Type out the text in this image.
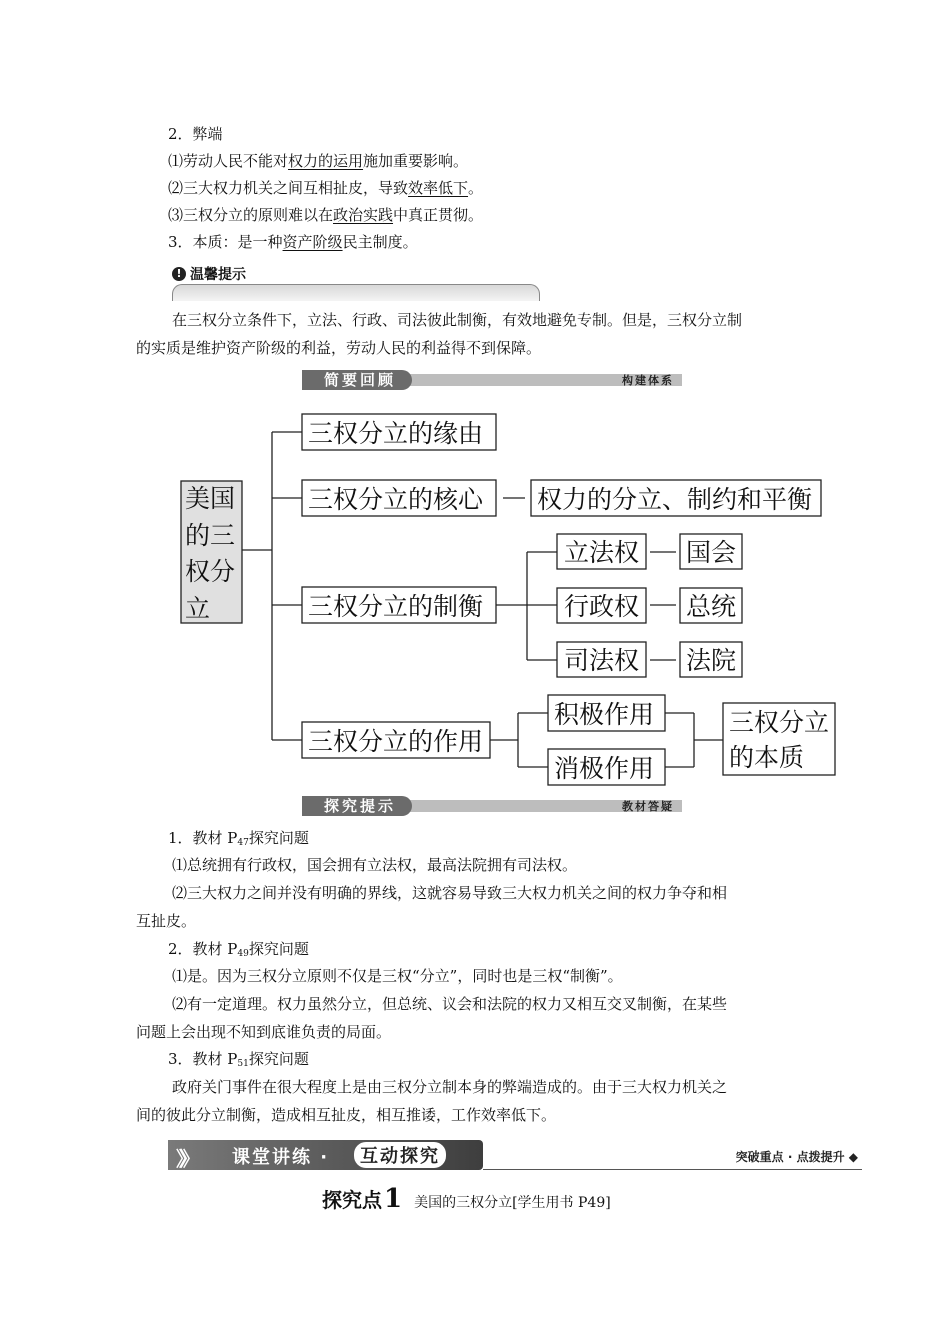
2．弊端
⑴劳动人民不能对权力的运用施加重要影响。
⑵三大权力机关之间互相扯皮，导致效率低下。
⑶三权分立的原则难以在政治实践中真正贯彻。
3．本质：是一种资产阶级民主制度。
! 温馨提示
在三权分立条件下，立法、行政、司法彼此制衡，有效地避免专制。但是，三权分立制
的实质是维护资产阶级的利益，劳动人民的利益得不到保障。
简要回顾	构建体系
美国
的三
权分
立
三权分立的缘由
三权分立的核心 权力的分立、制约和平衡
三权分立的制衡
立法权
行政权
司法权
国会
总统
法院
三权分立的作用
积极作用
消极作用
三权分立
的本质
探究提示	教材答疑
1．教材 $P_{47}$探究问题
⑴总统拥有行政权，国会拥有立法权，最高法院拥有司法权。
⑵三大权力之间并没有明确的界线，这就容易导致三大权力机关之间的权力争夺和相
互扯皮。
2．教材 $P_{49}$探究问题
⑴是。因为三权分立原则不仅是三权“分立”，同时也是三权“制衡”。
⑵有一定道理。权力虽然分立，但总统、议会和法院的权力又相互交叉制衡，在某些
问题上会出现不知到底谁负责的局面。
3．教材 $P_{51}$探究问题
政府关门事件在很大程度上是由三权分立制本身的弊端造成的。由于三大权力机关之
间的彼此分立制衡，造成相互扯皮，相互推诿，工作效率低下。
》》 课堂讲练 ·	互动探究	突破重点 · 点拨提升 ◆
探究点1 美国的三权分立[学生用书 P49]
